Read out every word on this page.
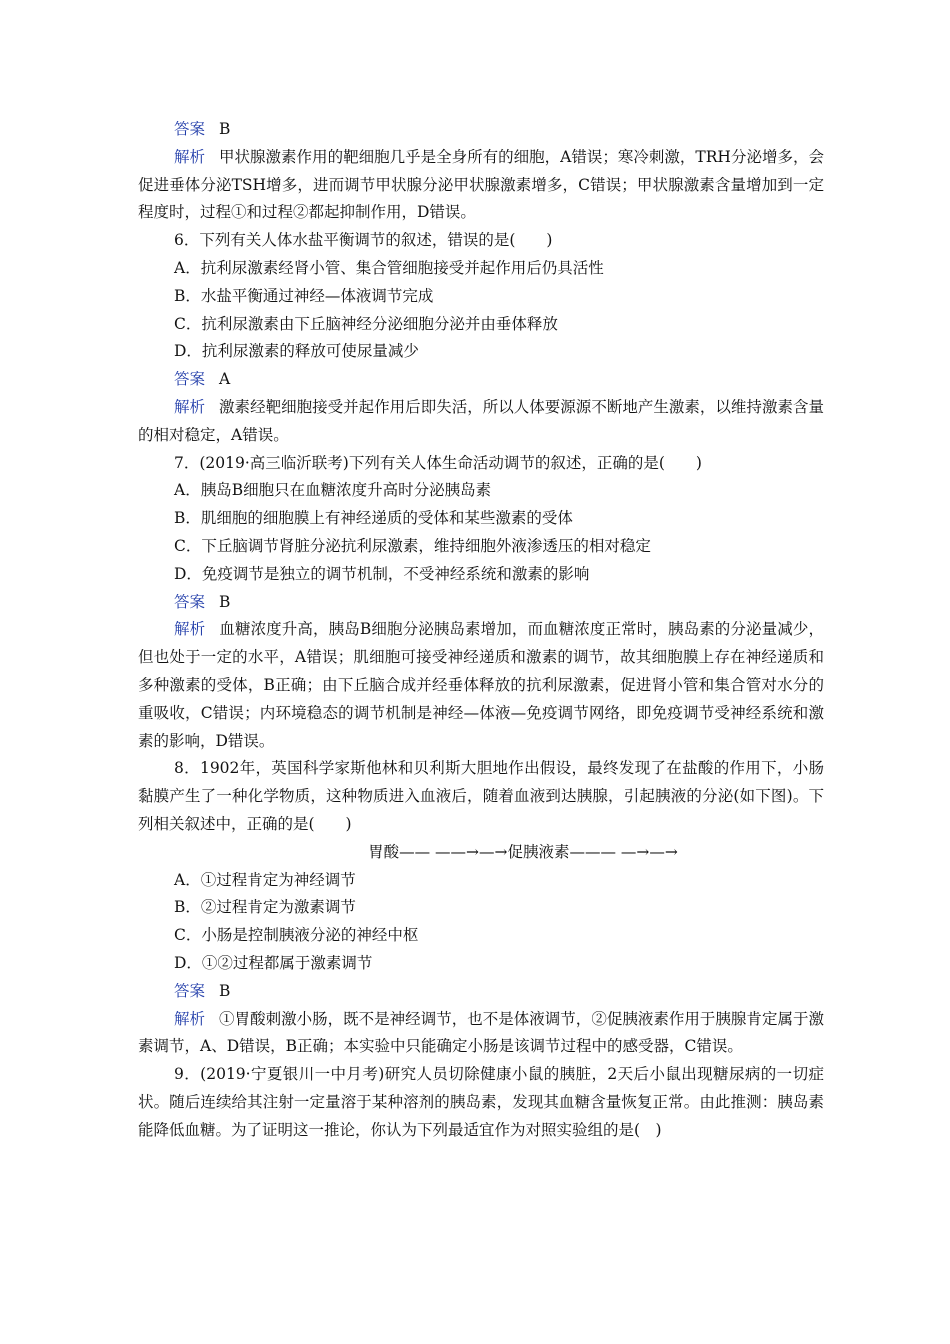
答案 B

解析 甲状腺激素作用的靶细胞几乎是全身所有的细胞，A错误；寒冷刺激，TRH分泌增多，会促进垂体分泌TSH增多，进而调节甲状腺分泌甲状腺激素增多，C错误；甲状腺激素含量增加到一定程度时，过程①和过程②都起抑制作用，D错误。

6．下列有关人体水盐平衡调节的叙述，错误的是(　　)

A．抗利尿激素经肾小管、集合管细胞接受并起作用后仍具活性

B．水盐平衡通过神经—体液调节完成

C．抗利尿激素由下丘脑神经分泌细胞分泌并由垂体释放

D．抗利尿激素的释放可使尿量减少

答案 A

解析 激素经靶细胞接受并起作用后即失活，所以人体要源源不断地产生激素，以维持激素含量的相对稳定，A错误。

7．(2019·高三临沂联考)下列有关人体生命活动调节的叙述，正确的是(　　)

A．胰岛B细胞只在血糖浓度升高时分泌胰岛素

B．肌细胞的细胞膜上有神经递质的受体和某些激素的受体

C．下丘脑调节肾脏分泌抗利尿激素，维持细胞外液渗透压的相对稳定

D．免疫调节是独立的调节机制，不受神经系统和激素的影响

答案 B

解析 血糖浓度升高，胰岛B细胞分泌胰岛素增加，而血糖浓度正常时，胰岛素的分泌量减少，但也处于一定的水平，A错误；肌细胞可接受神经递质和激素的调节，故其细胞膜上存在神经递质和多种激素的受体，B正确；由下丘脑合成并经垂体释放的抗利尿激素，促进肾小管和集合管对水分的重吸收，C错误；内环境稳态的调节机制是神经—体液—免疫调节网络，即免疫调节受神经系统和激素的影响，D错误。

8．1902年，英国科学家斯他林和贝利斯大胆地作出假设，最终发现了在盐酸的作用下，小肠黏膜产生了一种化学物质，这种物质进入血液后，随着血液到达胰腺，引起胰液的分泌(如下图)。下列相关叙述中，正确的是(　　)

胃酸—— ——→—→促胰液素——— —→—→

A．①过程肯定为神经调节

B．②过程肯定为激素调节

C．小肠是控制胰液分泌的神经中枢

D．①②过程都属于激素调节

答案 B

解析 ①胃酸刺激小肠，既不是神经调节，也不是体液调节，②促胰液素作用于胰腺肯定属于激素调节，A、D错误，B正确；本实验中只能确定小肠是该调节过程中的感受器，C错误。

9．(2019·宁夏银川一中月考)研究人员切除健康小鼠的胰脏，2天后小鼠出现糖尿病的一切症状。随后连续给其注射一定量溶于某种溶剂的胰岛素，发现其血糖含量恢复正常。由此推测：胰岛素能降低血糖。为了证明这一推论，你认为下列最适宜作为对照实验组的是(　)
